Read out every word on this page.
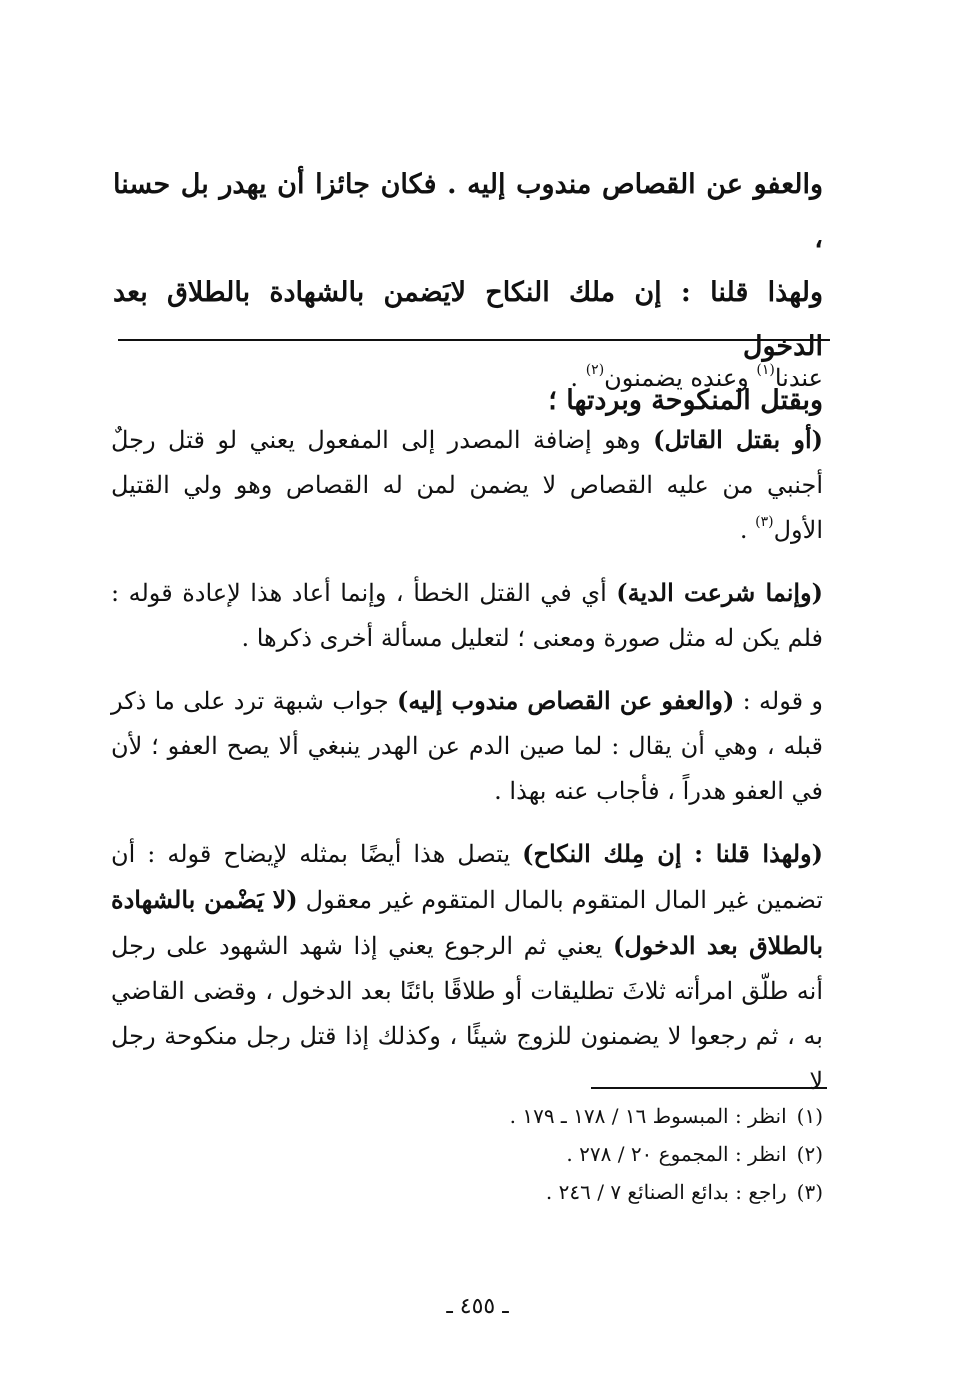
والعفو عن القصاص مندوب إليه . فكان جائزا أن يهدر بل حسنا ،
ولهذا قلنا : إن ملك النكاح لايَضمن بالشهادة بالطلاق بعد الدخول
وبقتل المنكوحة وبردتها ؛

عندنا$^{(١)}$ وعنده يضمنون$^{(٢)}$ .

(أو بقتل القاتل) وهو إضافة المصدر إلى المفعول يعني لو قتل رجلٌ أجنبي من عليه القصاص لا يضمن لمن له القصاص وهو ولي القتيل الأول$^{(٣)}$ .

(وإنما شرعت الدية) أي في القتل الخطأ ، وإنما أعاد هذا لإعادة قوله : فلم يكن له مثل صورة ومعنى ؛ لتعليل مسألة أخرى ذكرها .

و قوله : (والعفو عن القصاص مندوب إليه) جواب شبهة ترد على ما ذكر قبله ، وهي أن يقال : لما صين الدم عن الهدر ينبغي ألا يصح العفو ؛ لأن في العفو هدراً ، فأجاب عنه بهذا .

(ولهذا قلنا : إن مِلك النكاح) يتصل هذا أيضًا بمثله لإيضاح قوله : أن تضمين غير المال المتقوم بالمال المتقوم غير معقول (لا يَضْمن بالشهادة بالطلاق بعد الدخول) يعني ثم الرجوع يعني إذا شهد الشهود على رجل أنه طلّق امرأته ثلاثَ تطليقات أو طلاقًا بائنًا بعد الدخول ، وقضى القاضي به ، ثم رجعوا لا يضمنون للزوج شيئًا ، وكذلك إذا قتل رجل منكوحة رجل لا

(١)انظر : المبسوط ١٦ / ١٧٨ ـ ١٧٩ .
(٢)انظر : المجموع ٢٠ / ٢٧٨ .
(٣)راجع : بدائع الصنائع ٧ / ٢٤٦ .
ـ ٤٥٥ ـ
